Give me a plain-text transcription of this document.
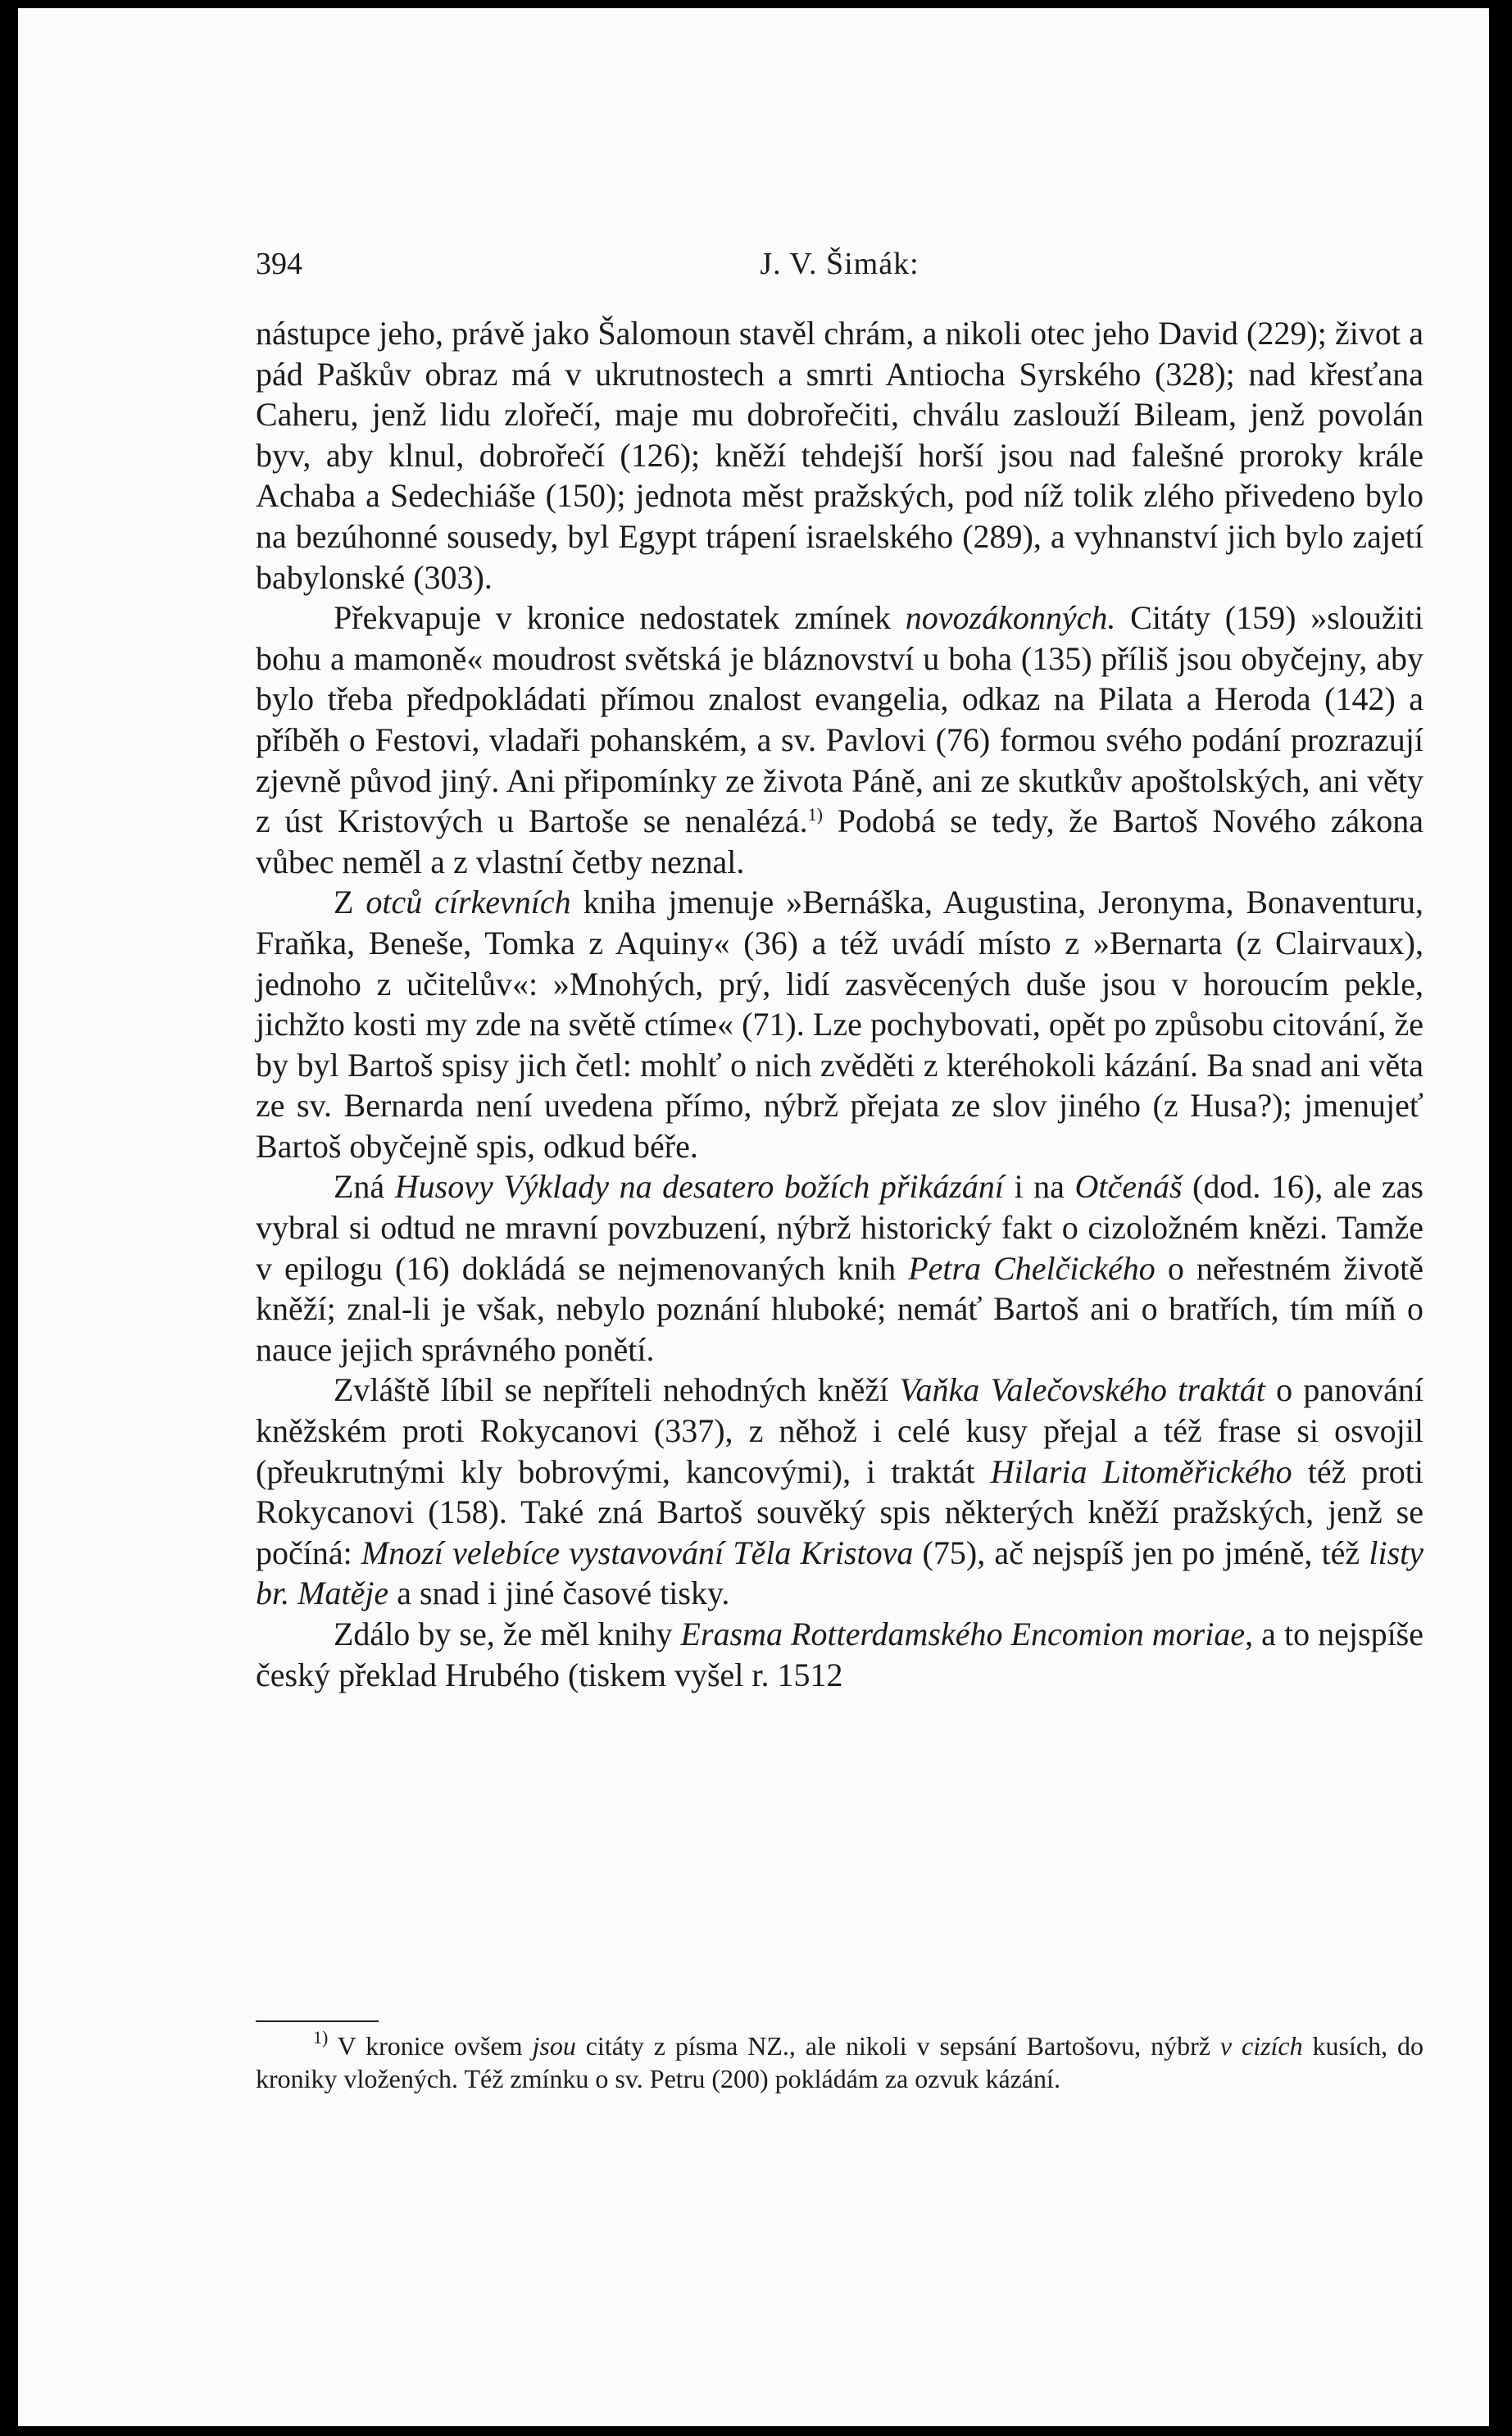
394	J. V. Šimák:

nástupce jeho, právě jako Šalomoun stavěl chrám, a nikoli otec jeho David (229); život a pád Paškův obraz má v ukrutnostech a smrti Antiocha Syrského (328); nad křesťana Caheru, jenž lidu zlořečí, maje mu dobrořečiti, chválu zaslouží Bileam, jenž povolán byv, aby klnul, dobrořečí (126); kněží tehdejší horší jsou nad falešné proroky krále Achaba a Sedechiáše (150); jednota měst pražských, pod níž tolik zlého přivedeno bylo na bezúhonné sousedy, byl Egypt trápení israelského (289), a vyhnanství jich bylo zajetí babylonské (303).

Překvapuje v kronice nedostatek zmínek novozákonných. Citáty (159) »sloužiti bohu a mamoně« moudrost světská je bláznovství u boha (135) příliš jsou obyčejny, aby bylo třeba předpokládati přímou znalost evangelia, odkaz na Pilata a Heroda (142) a příběh o Festovi, vladaři pohanském, a sv. Pavlovi (76) formou svého podání prozrazují zjevně původ jiný. Ani připomínky ze života Páně, ani ze skutkův apoštolských, ani věty z úst Kristových u Bartoše se nenalézá.$^{1)}$ Podobá se tedy, že Bartoš Nového zákona vůbec neměl a z vlastní četby neznal.

Z otců církevních kniha jmenuje »Bernáška, Augustina, Jeronyma, Bonaventuru, Fraňka, Beneše, Tomka z Aquiny« (36) a též uvádí místo z »Bernarta (z Clairvaux), jednoho z učitelův«: »Mnohých, prý, lidí zasvěcených duše jsou v horoucím pekle, jichžto kosti my zde na světě ctíme« (71). Lze pochybovati, opět po způsobu citování, že by byl Bartoš spisy jich četl: mohlť o nich zvěděti z kteréhokoli kázání. Ba snad ani věta ze sv. Bernarda není uvedena přímo, nýbrž přejata ze slov jiného (z Husa?); jmenujeť Bartoš obyčejně spis, odkud béře.

Zná Husovy Výklady na desatero božích přikázání i na Otčenáš (dod. 16), ale zas vybral si odtud ne mravní povzbuzení, nýbrž historický fakt o cizoložném knězi. Tamže v epilogu (16) dokládá se nejmenovaných knih Petra Chelčického o neřestném životě kněží; znal-li je však, nebylo poznání hluboké; nemáť Bartoš ani o bratřích, tím míň o nauce jejich správného ponětí.

Zvláště líbil se nepříteli nehodných kněží Vaňka Valečovského traktát o panování kněžském proti Rokycanovi (337), z něhož i celé kusy přejal a též frase si osvojil (přeukrutnými kly bobrovými, kancovými), i traktát Hilaria Litoměřického též proti Rokycanovi (158). Také zná Bartoš souvěký spis některých kněží pražských, jenž se počíná: Mnozí velebíce vystavování Těla Kristova (75), ač nejspíš jen po jméně, též listy br. Matěje a snad i jiné časové tisky.

Zdálo by se, že měl knihy Erasma Rotterdamského Encomion moriae, a to nejspíše český překlad Hrubého (tiskem vyšel r. 1512

$^{1)}$ V kronice ovšem jsou citáty z písma NZ., ale nikoli v sepsání Bartošovu, nýbrž v cizích kusích, do kroniky vložených. Též zmínku o sv. Petru (200) pokládám za ozvuk kázání.
